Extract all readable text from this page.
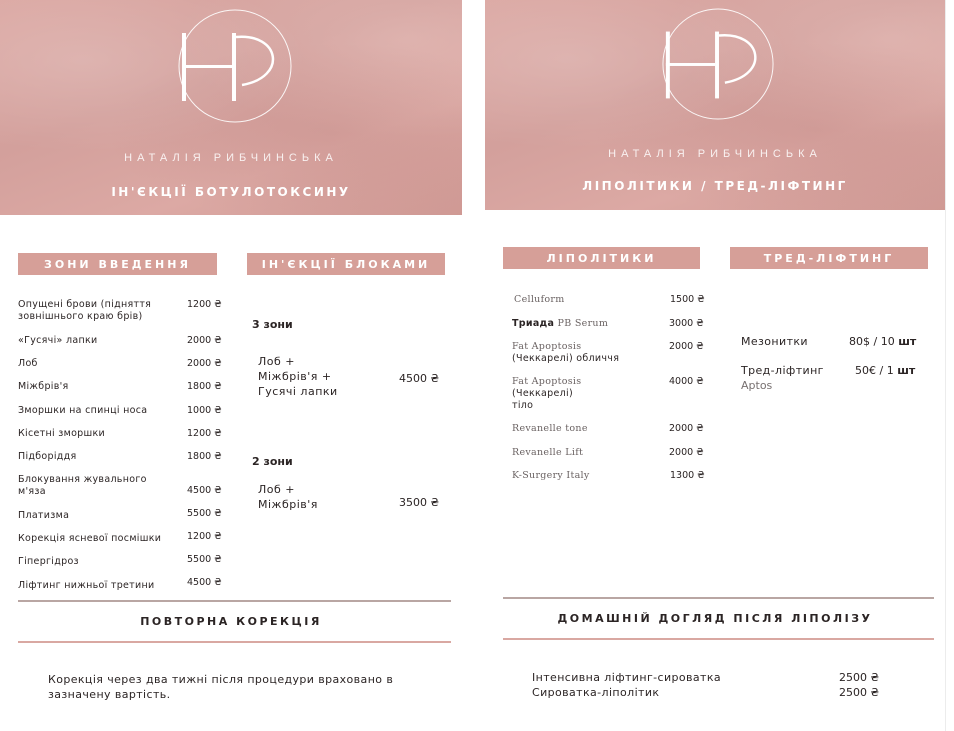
НАТАЛІЯ РИБЧИНСЬКА
ІН'ЄКЦІЇ БОТУЛОТОКСИНУ
ЗОНИ ВВЕДЕННЯ	ІН'ЄКЦІЇ БЛОКАМИ
Опущені брови (підняття зовнішнього краю брів)
1200 ₴
«Гусячі» лапки	2000 ₴
Лоб	2000 ₴
Міжбрів'я	1800 ₴
Зморшки на спинці носа	1000 ₴
Кісетні зморшки	1200 ₴
Підборіддя	1800 ₴
Блокування жувального м'яза	4500 ₴
Платизма	5500 ₴
Корекція ясневої посмішки	1200 ₴
Гіпергідроз	5500 ₴
Ліфтинг нижньої третини	4500 ₴
3 зони
Лоб +
Міжбрів'я +
Гусячі лапки
4500 ₴
2 зони
Лоб +
Міжбрів'я	3500 ₴
ПОВТОРНА КОРЕКЦІЯ
Корекція через два тижні після процедури враховано в
зазначену вартість.
НАТАЛІЯ РИБЧИНСЬКА
ЛІПОЛІТИКИ / ТРЕД-ЛІФТИНГ
ЛІПОЛІТИКИ	ТРЕД-ЛІФТИНГ
Celluform	1500 ₴
Триада PB Serum	3000 ₴
Fat Apoptosis
(Чеккарелі) обличчя
2000 ₴
Fat Apoptosis
(Чеккарелі)
тіло
4000 ₴
Revanelle tone	2000 ₴
Revanelle Lift	2000 ₴
K-Surgery Italy	1300 ₴
Мезонитки	80$ / 10 шт
Тред-ліфтинг
Aptos
50€ / 1 шт
ДОМАШНІЙ ДОГЛЯД ПІСЛЯ ЛІПОЛІЗУ
Інтенсивна ліфтинг-сироватка	2500 ₴
Сироватка-ліполітик	2500 ₴
